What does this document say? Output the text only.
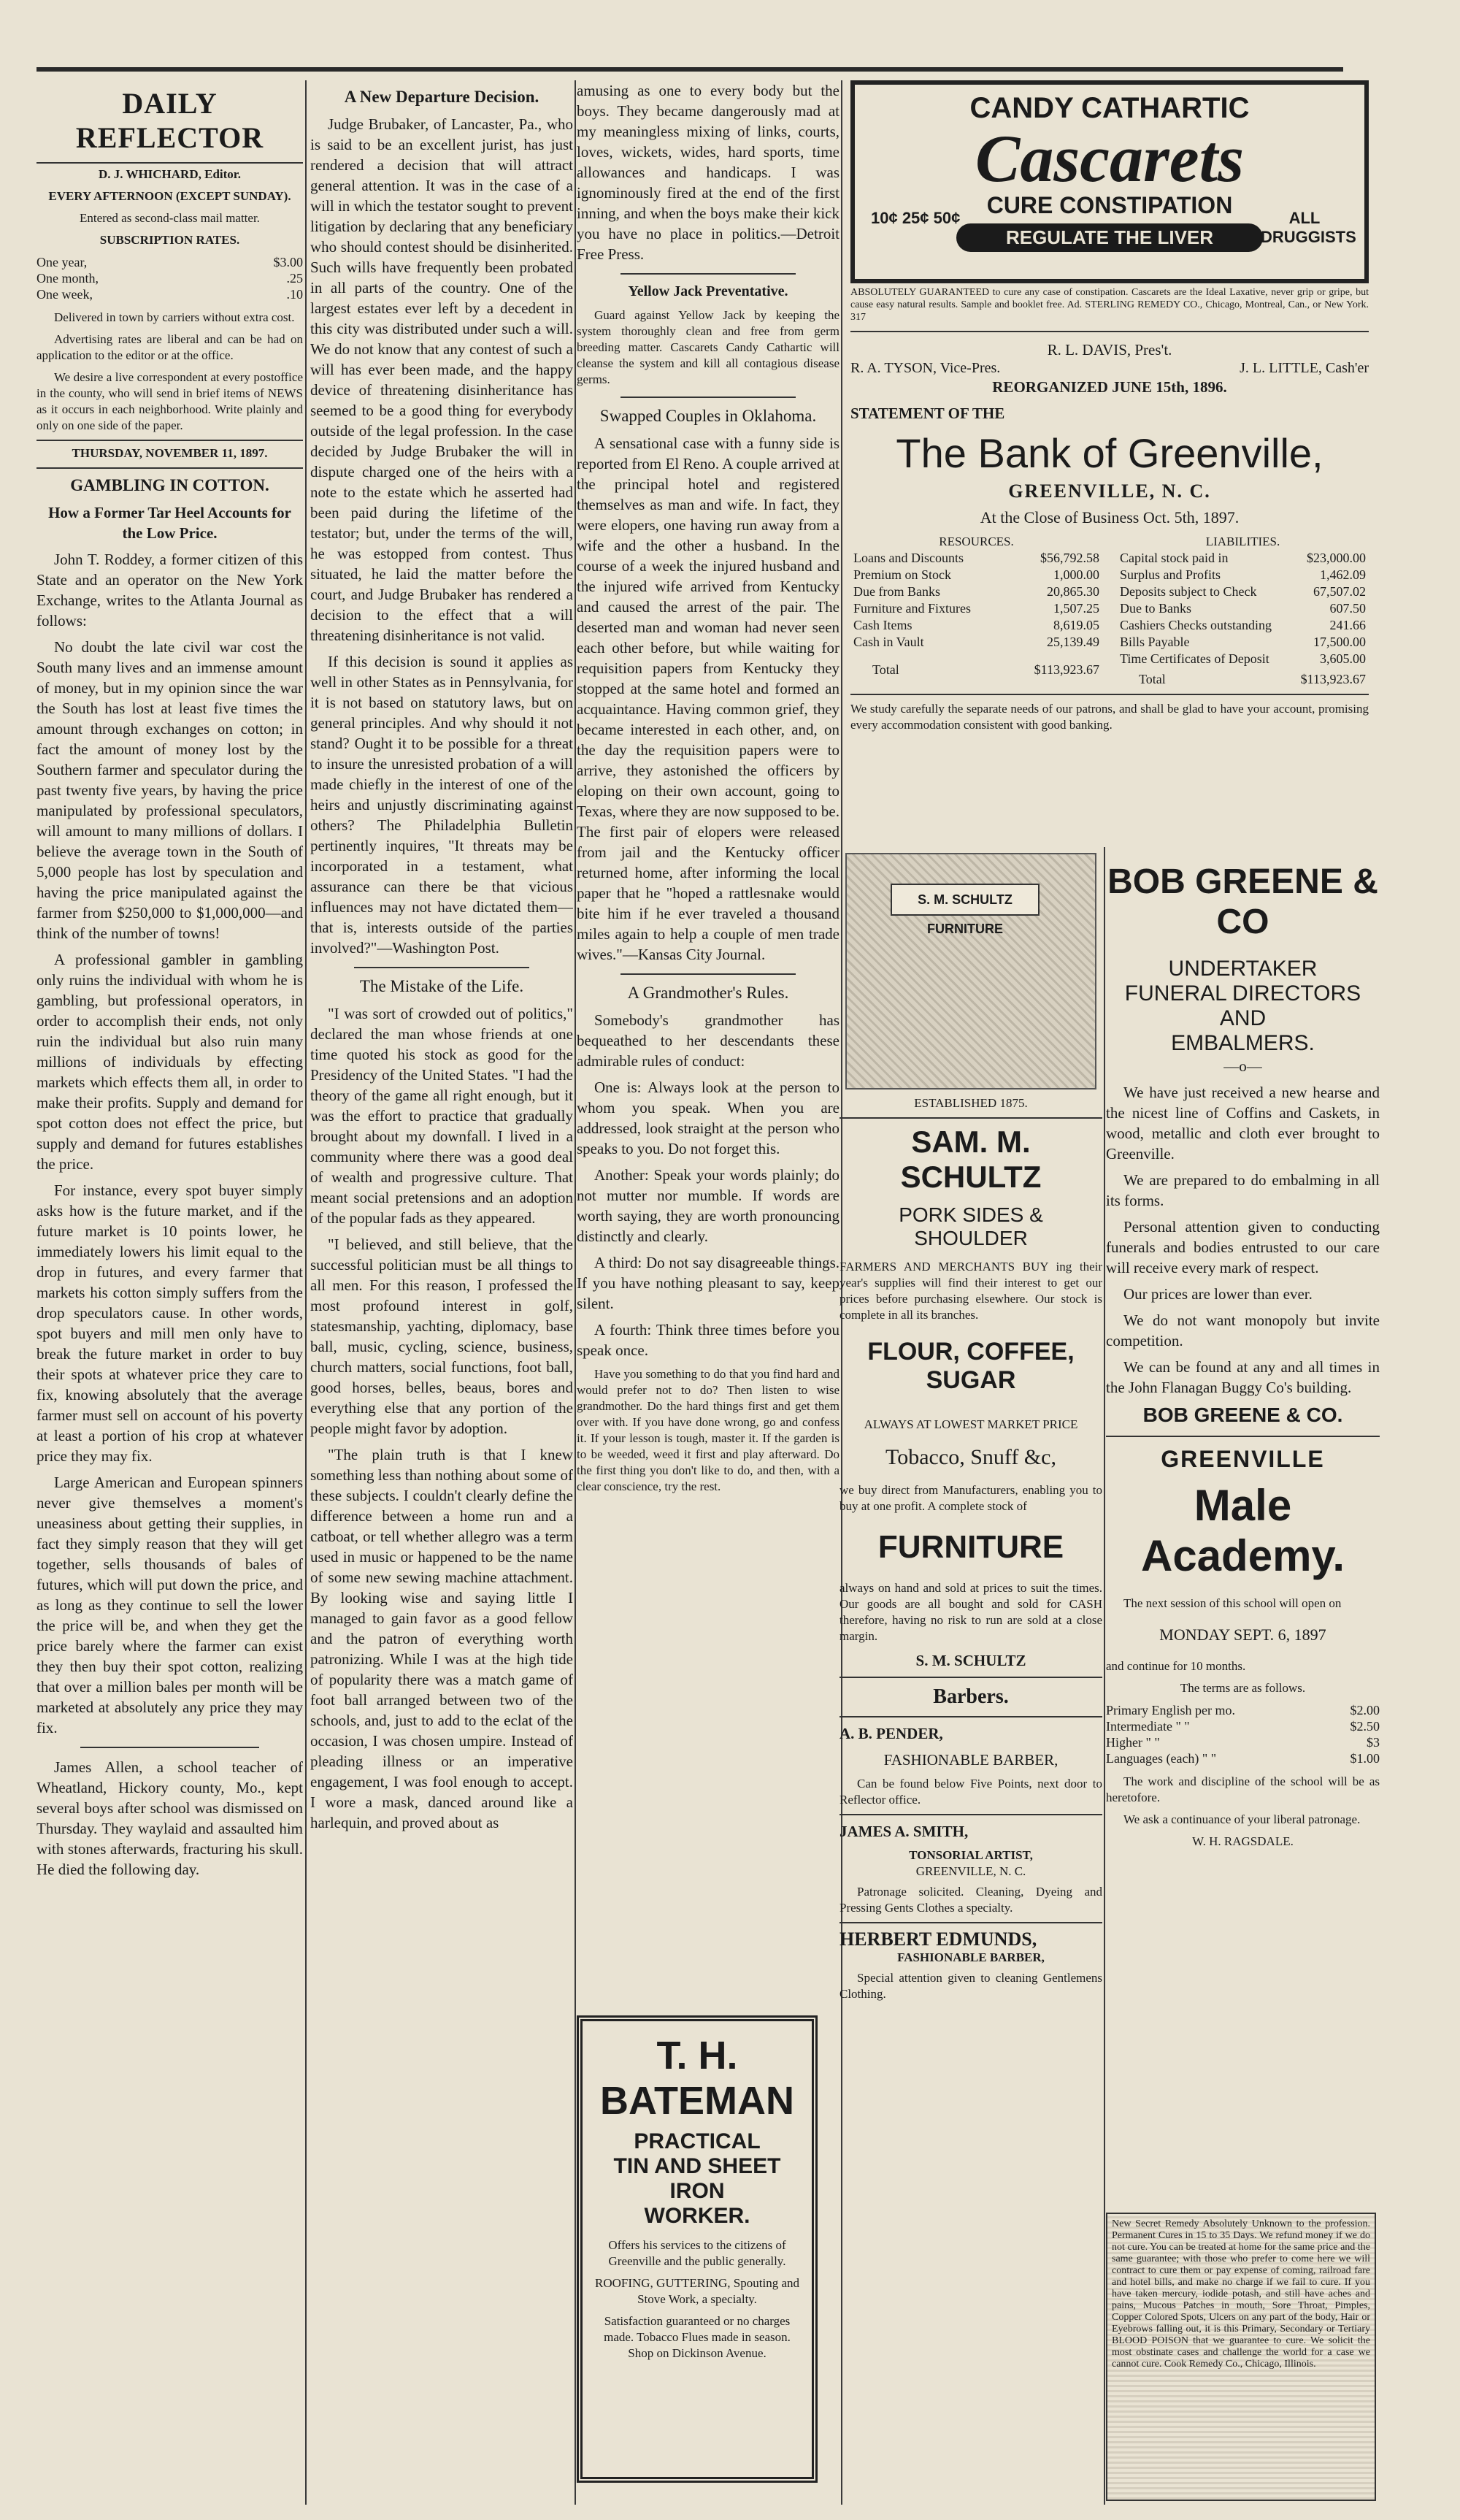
DAILY REFLECTOR

D. J. WHICHARD, Editor.

EVERY AFTERNOON (EXCEPT SUNDAY).

Entered as second-class mail matter.

SUBSCRIPTION RATES.

One year,	$3.00
One month,	.25
One week,	.10

Delivered in town by carriers without extra cost.

Advertising rates are liberal and can be had on application to the editor or at the office.

We desire a live correspondent at every postoffice in the county, who will send in brief items of NEWS as it occurs in each neighborhood. Write plainly and only on one side of the paper.

THURSDAY, NOVEMBER 11, 1897.

GAMBLING IN COTTON.

How a Former Tar Heel Accounts for the Low Price.

John T. Roddey, a former citizen of this State and an operator on the New York Exchange, writes to the Atlanta Journal as follows:

No doubt the late civil war cost the South many lives and an immense amount of money, but in my opinion since the war the South has lost at least five times the amount through exchanges on cotton; in fact the amount of money lost by the Southern farmer and speculator during the past twenty five years, by having the price manipulated by professional speculators, will amount to many millions of dollars. I believe the average town in the South of 5,000 people has lost by speculation and having the price manipulated against the farmer from $250,000 to $1,000,000—and think of the number of towns!

A professional gambler in gambling only ruins the individual with whom he is gambling, but professional operators, in order to accomplish their ends, not only ruin the individual but also ruin many millions of individuals by effecting markets which effects them all, in order to make their profits. Supply and demand for spot cotton does not effect the price, but supply and demand for futures establishes the price.

For instance, every spot buyer simply asks how is the future market, and if the future market is 10 points lower, he immediately lowers his limit equal to the drop in futures, and every farmer that markets his cotton simply suffers from the drop speculators cause. In other words, spot buyers and mill men only have to break the future market in order to buy their spots at whatever price they care to fix, knowing absolutely that the average farmer must sell on account of his poverty at least a portion of his crop at whatever price they may fix.

Large American and European spinners never give themselves a moment's uneasiness about getting their supplies, in fact they simply reason that they will get together, sells thousands of bales of futures, which will put down the price, and as long as they continue to sell the lower the price will be, and when they get the price barely where the farmer can exist they then buy their spot cotton, realizing that over a million bales per month will be marketed at absolutely any price they may fix.

James Allen, a school teacher of Wheatland, Hickory county, Mo., kept several boys after school was dismissed on Thursday. They waylaid and assaulted him with stones afterwards, fracturing his skull. He died the following day.

A New Departure Decision.

Judge Brubaker, of Lancaster, Pa., who is said to be an excellent jurist, has just rendered a decision that will attract general attention. It was in the case of a will in which the testator sought to prevent litigation by declaring that any beneficiary who should contest should be disinherited. Such wills have frequently been probated in all parts of the country. One of the largest estates ever left by a decedent in this city was distributed under such a will. We do not know that any contest of such a will has ever been made, and the happy device of threatening disinheritance has seemed to be a good thing for everybody outside of the legal profession. In the case decided by Judge Brubaker the will in dispute charged one of the heirs with a note to the estate which he asserted had been paid during the lifetime of the testator; but, under the terms of the will, he was estopped from contest. Thus situated, he laid the matter before the court, and Judge Brubaker has rendered a decision to the effect that a will threatening disinheritance is not valid.

If this decision is sound it applies as well in other States as in Pennsylvania, for it is not based on statutory laws, but on general principles. And why should it not stand? Ought it to be possible for a threat to insure the unresisted probation of a will made chiefly in the interest of one of the heirs and unjustly discriminating against others? The Philadelphia Bulletin pertinently inquires, "It threats may be incorporated in a testament, what assurance can there be that vicious influences may not have dictated them—that is, interests outside of the parties involved?"—Washington Post.

The Mistake of the Life.

"I was sort of crowded out of politics," declared the man whose friends at one time quoted his stock as good for the Presidency of the United States. "I had the theory of the game all right enough, but it was the effort to practice that gradually brought about my downfall. I lived in a community where there was a good deal of wealth and progressive culture. That meant social pretensions and an adoption of the popular fads as they appeared.

"I believed, and still believe, that the successful politician must be all things to all men. For this reason, I professed the most profound interest in golf, statesmanship, yachting, diplomacy, base ball, music, cycling, science, business, church matters, social functions, foot ball, good horses, belles, beaus, bores and everything else that any portion of the people might favor by adoption.

"The plain truth is that I knew something less than nothing about some of these subjects. I couldn't clearly define the difference between a home run and a catboat, or tell whether allegro was a term used in music or happened to be the name of some new sewing machine attachment. By looking wise and saying little I managed to gain favor as a good fellow and the patron of everything worth patronizing. While I was at the high tide of popularity there was a match game of foot ball arranged between two of the schools, and, just to add to the eclat of the occasion, I was chosen umpire. Instead of pleading illness or an imperative engagement, I was fool enough to accept. I wore a mask, danced around like a harlequin, and proved about as

amusing as one to every body but the boys. They became dangerously mad at my meaningless mixing of links, courts, loves, wickets, wides, hard sports, time allowances and handicaps. I was ignominously fired at the end of the first inning, and when the boys make their kick you have no place in politics.—Detroit Free Press.

Yellow Jack Preventative.

Guard against Yellow Jack by keeping the system thoroughly clean and free from germ breeding matter. Cascarets Candy Cathartic will cleanse the system and kill all contagious disease germs.

Swapped Couples in Oklahoma.

A sensational case with a funny side is reported from El Reno. A couple arrived at the principal hotel and registered themselves as man and wife. In fact, they were elopers, one having run away from a wife and the other a husband. In the course of a week the injured husband and the injured wife arrived from Kentucky and caused the arrest of the pair. The deserted man and woman had never seen each other before, but while waiting for requisition papers from Kentucky they stopped at the same hotel and formed an acquaintance. Having common grief, they became interested in each other, and, on the day the requisition papers were to arrive, they astonished the officers by eloping on their own account, going to Texas, where they are now supposed to be. The first pair of elopers were released from jail and the Kentucky officer returned home, after informing the local paper that he "hoped a rattlesnake would bite him if he ever traveled a thousand miles again to help a couple of men trade wives."—Kansas City Journal.

A Grandmother's Rules.

Somebody's grandmother has bequeathed to her descendants these admirable rules of conduct:

One is: Always look at the person to whom you speak. When you are addressed, look straight at the person who speaks to you. Do not forget this.

Another: Speak your words plainly; do not mutter nor mumble. If words are worth saying, they are worth pronouncing distinctly and clearly.

A third: Do not say disagreeable things. If you have nothing pleasant to say, keep silent.

A fourth: Think three times before you speak once.

Have you something to do that you find hard and would prefer not to do? Then listen to wise grandmother. Do the hard things first and get them over with. If you have done wrong, go and confess it. If your lesson is tough, master it. If the garden is to be weeded, weed it first and play afterward. Do the first thing you don't like to do, and then, with a clear conscience, try the rest.

T. H. BATEMAN
PRACTICAL
TIN AND SHEET IRON
WORKER.

Offers his services to the citizens of Greenville and the public generally.

ROOFING, GUTTERING, Spouting and Stove Work, a specialty.

Satisfaction guaranteed or no charges made. Tobacco Flues made in season. Shop on Dickinson Avenue.

CANDY CATHARTIC
Cascarets
CURE CONSTIPATION
REGULATE THE LIVER
10¢ 25¢ 50¢	ALL DRUGGISTS

ABSOLUTELY GUARANTEED to cure any case of constipation. Cascarets are the Ideal Laxative, never grip or gripe, but cause easy natural results. Sample and booklet free. Ad. STERLING REMEDY CO., Chicago, Montreal, Can., or New York. 317

R. L. DAVIS, Pres't.

R. A. TYSON, Vice-Pres.	J. L. LITTLE, Cash'er

REORGANIZED JUNE 15th, 1896.

STATEMENT OF THE

The Bank of Greenville,

GREENVILLE, N. C.

At the Close of Business Oct. 5th, 1897.

RESOURCES.

Loans and Discounts	$56,792.58
Premium on Stock	1,000.00
Due from Banks	20,865.30
Furniture and Fixtures	1,507.25
Cash Items	8,619.05
Cash in Vault	25,139.49
Total	$113,923.67

LIABILITIES.

Capital stock paid in	$23,000.00
Surplus and Profits	1,462.09
Deposits subject to Check	67,507.02
Due to Banks	607.50
Cashiers Checks outstanding	241.66
Bills Payable	17,500.00
Time Certificates of Deposit	3,605.00
Total	$113,923.67

We study carefully the separate needs of our patrons, and shall be glad to have your account, promising every accommodation consistent with good banking.

S. M. SCHULTZ FURNITURE

ESTABLISHED 1875.

SAM. M. SCHULTZ
PORK SIDES & SHOULDER

FARMERS AND MERCHANTS BUY ing their year's supplies will find their interest to get our prices before purchasing elsewhere. Our stock is complete in all its branches.

FLOUR, COFFEE, SUGAR

ALWAYS AT LOWEST MARKET PRICE

Tobacco, Snuff &c,

we buy direct from Manufacturers, enabling you to buy at one profit. A complete stock of

FURNITURE

always on hand and sold at prices to suit the times. Our goods are all bought and sold for CASH therefore, having no risk to run are sold at a close margin.

S. M. SCHULTZ

Barbers.

A. B. PENDER,

FASHIONABLE BARBER,

Can be found below Five Points, next door to Reflector office.

JAMES A. SMITH,

TONSORIAL ARTIST,

GREENVILLE, N. C.

Patronage solicited. Cleaning, Dyeing and Pressing Gents Clothes a specialty.

HERBERT EDMUNDS,

FASHIONABLE BARBER,

Special attention given to cleaning Gentlemens Clothing.

BOB GREENE & CO
UNDERTAKER
FUNERAL DIRECTORS AND
EMBALMERS.

—o—

We have just received a new hearse and the nicest line of Coffins and Caskets, in wood, metallic and cloth ever brought to Greenville.

We are prepared to do embalming in all its forms.

Personal attention given to conducting funerals and bodies entrusted to our care will receive every mark of respect.

Our prices are lower than ever.

We do not want monopoly but invite competition.

We can be found at any and all times in the John Flanagan Buggy Co's building.

BOB GREENE & CO.
GREENVILLE
Male Academy.

The next session of this school will open on

MONDAY SEPT. 6, 1897

and continue for 10 months.

The terms are as follows.

Primary English per mo.	$2.00
Intermediate " "	$2.50
Higher " "	$3
Languages (each) " "	$1.00

The work and discipline of the school will be as heretofore.

We ask a continuance of your liberal patronage.

W. H. RAGSDALE.

New Secret Remedy Absolutely Unknown to the profession. Permanent Cures in 15 to 35 Days. We refund money if we do not cure. You can be treated at home for the same price and the same guarantee; with those who prefer to come here we will contract to cure them or pay expense of coming, railroad fare and hotel bills, and make no charge if we fail to cure. If you have taken mercury, iodide potash, and still have aches and pains, Mucous Patches in mouth, Sore Throat, Pimples, Copper Colored Spots, Ulcers on any part of the body, Hair or Eyebrows falling out, it is this Primary, Secondary or Tertiary BLOOD POISON that we guarantee to cure. We solicit the most obstinate cases and challenge the world for a case we cannot cure. Cook Remedy Co., Chicago, Illinois.
